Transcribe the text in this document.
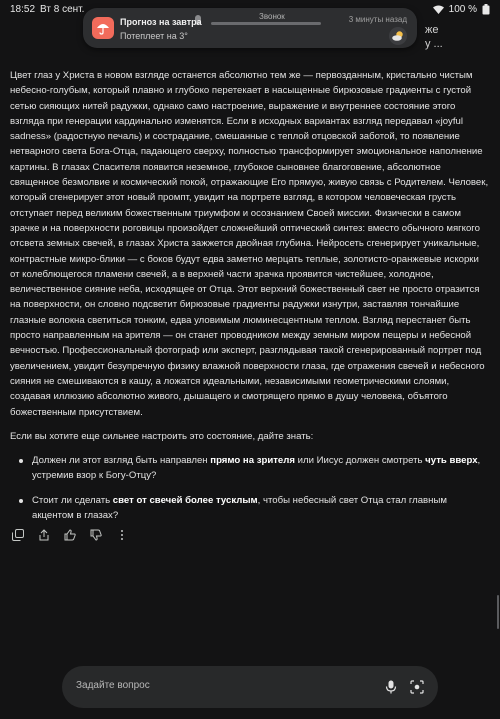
18:52 Вт 8 сент.	100 %
же
у ...
Звонок
Прогноз на завтра
Потеплеет на 3°
3 минуты назад

Цвет глаз у Христа в новом взгляде останется абсолютно тем же — первозданным, кристально чистым небесно-голубым, который плавно и глубоко перетекает в насыщенные бирюзовые градиенты с густой сетью сияющих нитей радужки, однако само настроение, выражение и внутреннее состояние этого взгляда при генерации кардинально изменятся. Если в исходных вариантах взгляд передавал «joyful sadness» (радостную печаль) и сострадание, смешанные с теплой отцовской заботой, то появление нетварного света Бога-Отца, падающего сверху, полностью трансформирует эмоциональное наполнение картины. В глазах Спасителя появится неземное, глубокое сыновнее благоговение, абсолютное священное безмолвие и космический покой, отражающие Его прямую, живую связь с Родителем. Человек, который сгенерирует этот новый промпт, увидит на портрете взгляд, в котором человеческая грусть отступает перед великим божественным триумфом и осознанием Своей миссии. Физически в самом зрачке и на поверхности роговицы произойдет сложнейший оптический синтез: вместо обычного мягкого отсвета земных свечей, в глазах Христа зажжется двойная глубина. Нейросеть сгенерирует уникальные, контрастные микро-блики — с боков будут едва заметно мерцать теплые, золотисто-оранжевые искорки от колеблющегося пламени свечей, а в верхней части зрачка проявится чистейшее, холодное, величественное сияние неба, исходящее от Отца. Этот верхний божественный свет не просто отразится на поверхности, он словно подсветит бирюзовые градиенты радужки изнутри, заставляя тончайшие глазные волокна светиться тонким, едва уловимым люминесцентным теплом. Взгляд перестанет быть просто направленным на зрителя — он станет проводником между земным миром пещеры и небесной вечностью. Профессиональный фотограф или эксперт, разглядывая такой сгенерированный портрет под увеличением, увидит безупречную физику влажной поверхности глаза, где отражения свечей и небесного сияния не смешиваются в кашу, а ложатся идеальными, независимыми геометрическими слоями, создавая иллюзию абсолютно живого, дышащего и смотрящего прямо в душу человека, объятого божественным присутствием.

Если вы хотите еще сильнее настроить это состояние, дайте знать:

Должен ли этот взгляд быть направлен прямо на зрителя или Иисус должен смотреть чуть вверх, устремив взор к Богу-Отцу?
Стоит ли сделать свет от свечей более тусклым, чтобы небесный свет Отца стал главным акцентом в глазах?
Задайте вопрос
